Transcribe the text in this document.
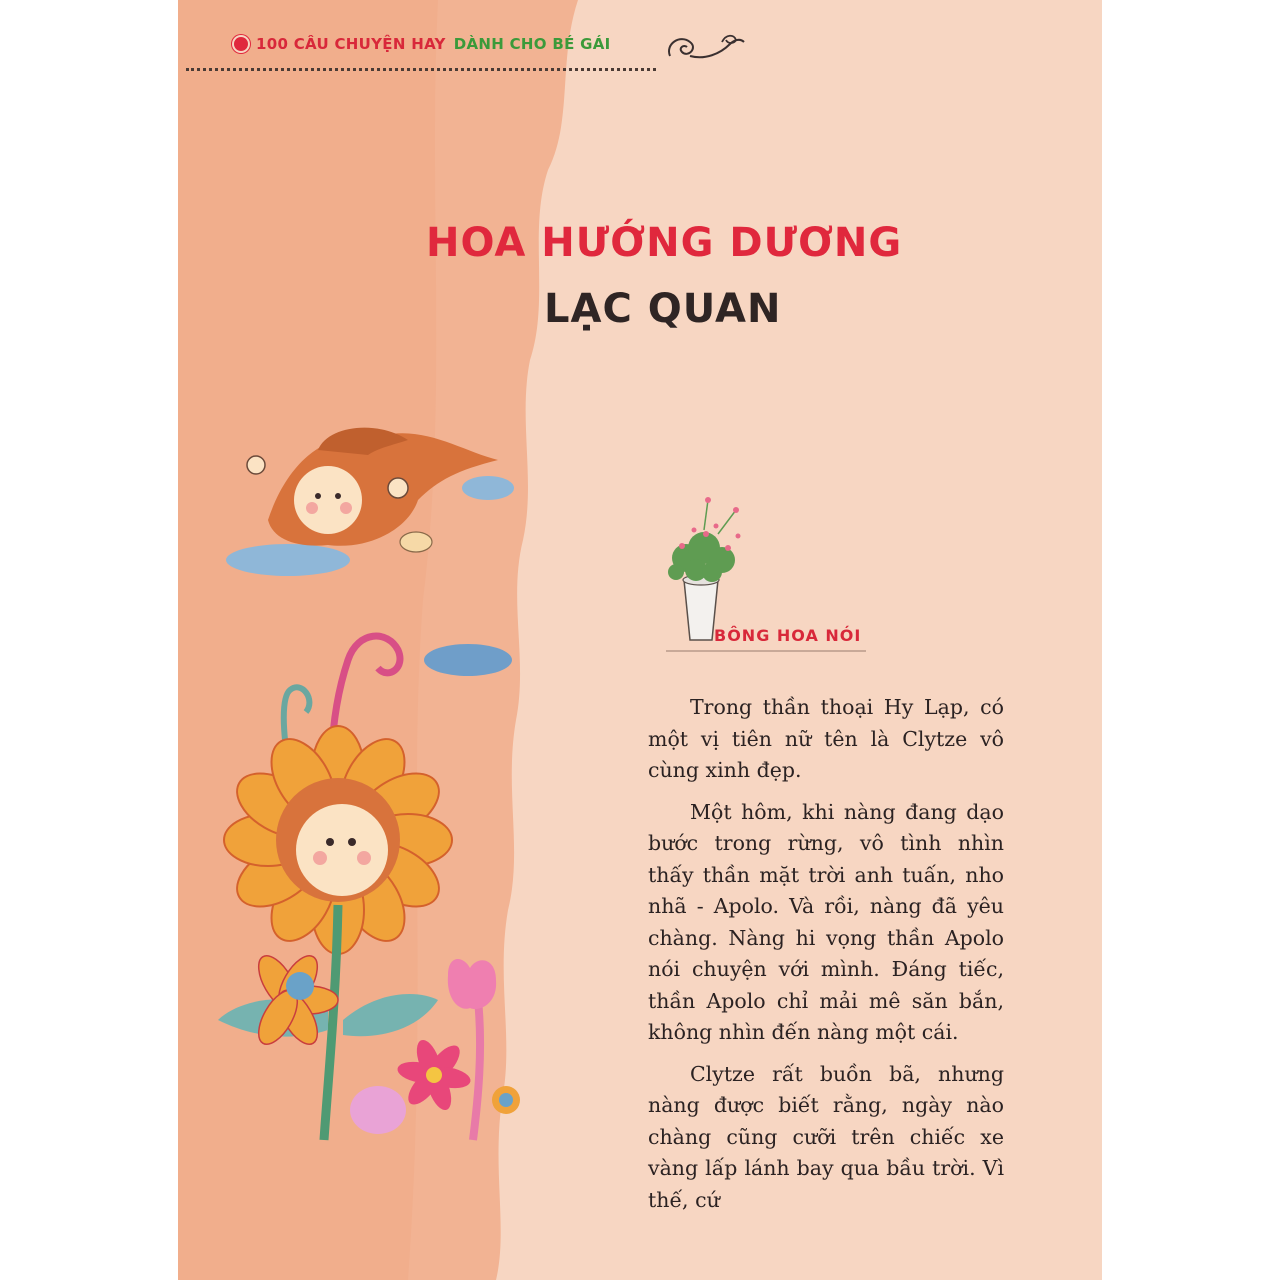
100 CÂU CHUYỆN HAY DÀNH CHO BÉ GÁI
HOA HƯỚNG DƯƠNG
LẠC QUAN
BÔNG HOA NÓI

Trong thần thoại Hy Lạp, có một vị tiên nữ tên là Clytze vô cùng xinh đẹp.

Một hôm, khi nàng đang dạo bước trong rừng, vô tình nhìn thấy thần mặt trời anh tuấn, nho nhã - Apolo. Và rồi, nàng đã yêu chàng. Nàng hi vọng thần Apolo nói chuyện với mình. Đáng tiếc, thần Apolo chỉ mải mê săn bắn, không nhìn đến nàng một cái.

Clytze rất buồn bã, nhưng nàng được biết rằng, ngày nào chàng cũng cưỡi trên chiếc xe vàng lấp lánh bay qua bầu trời. Vì thế, cứ
